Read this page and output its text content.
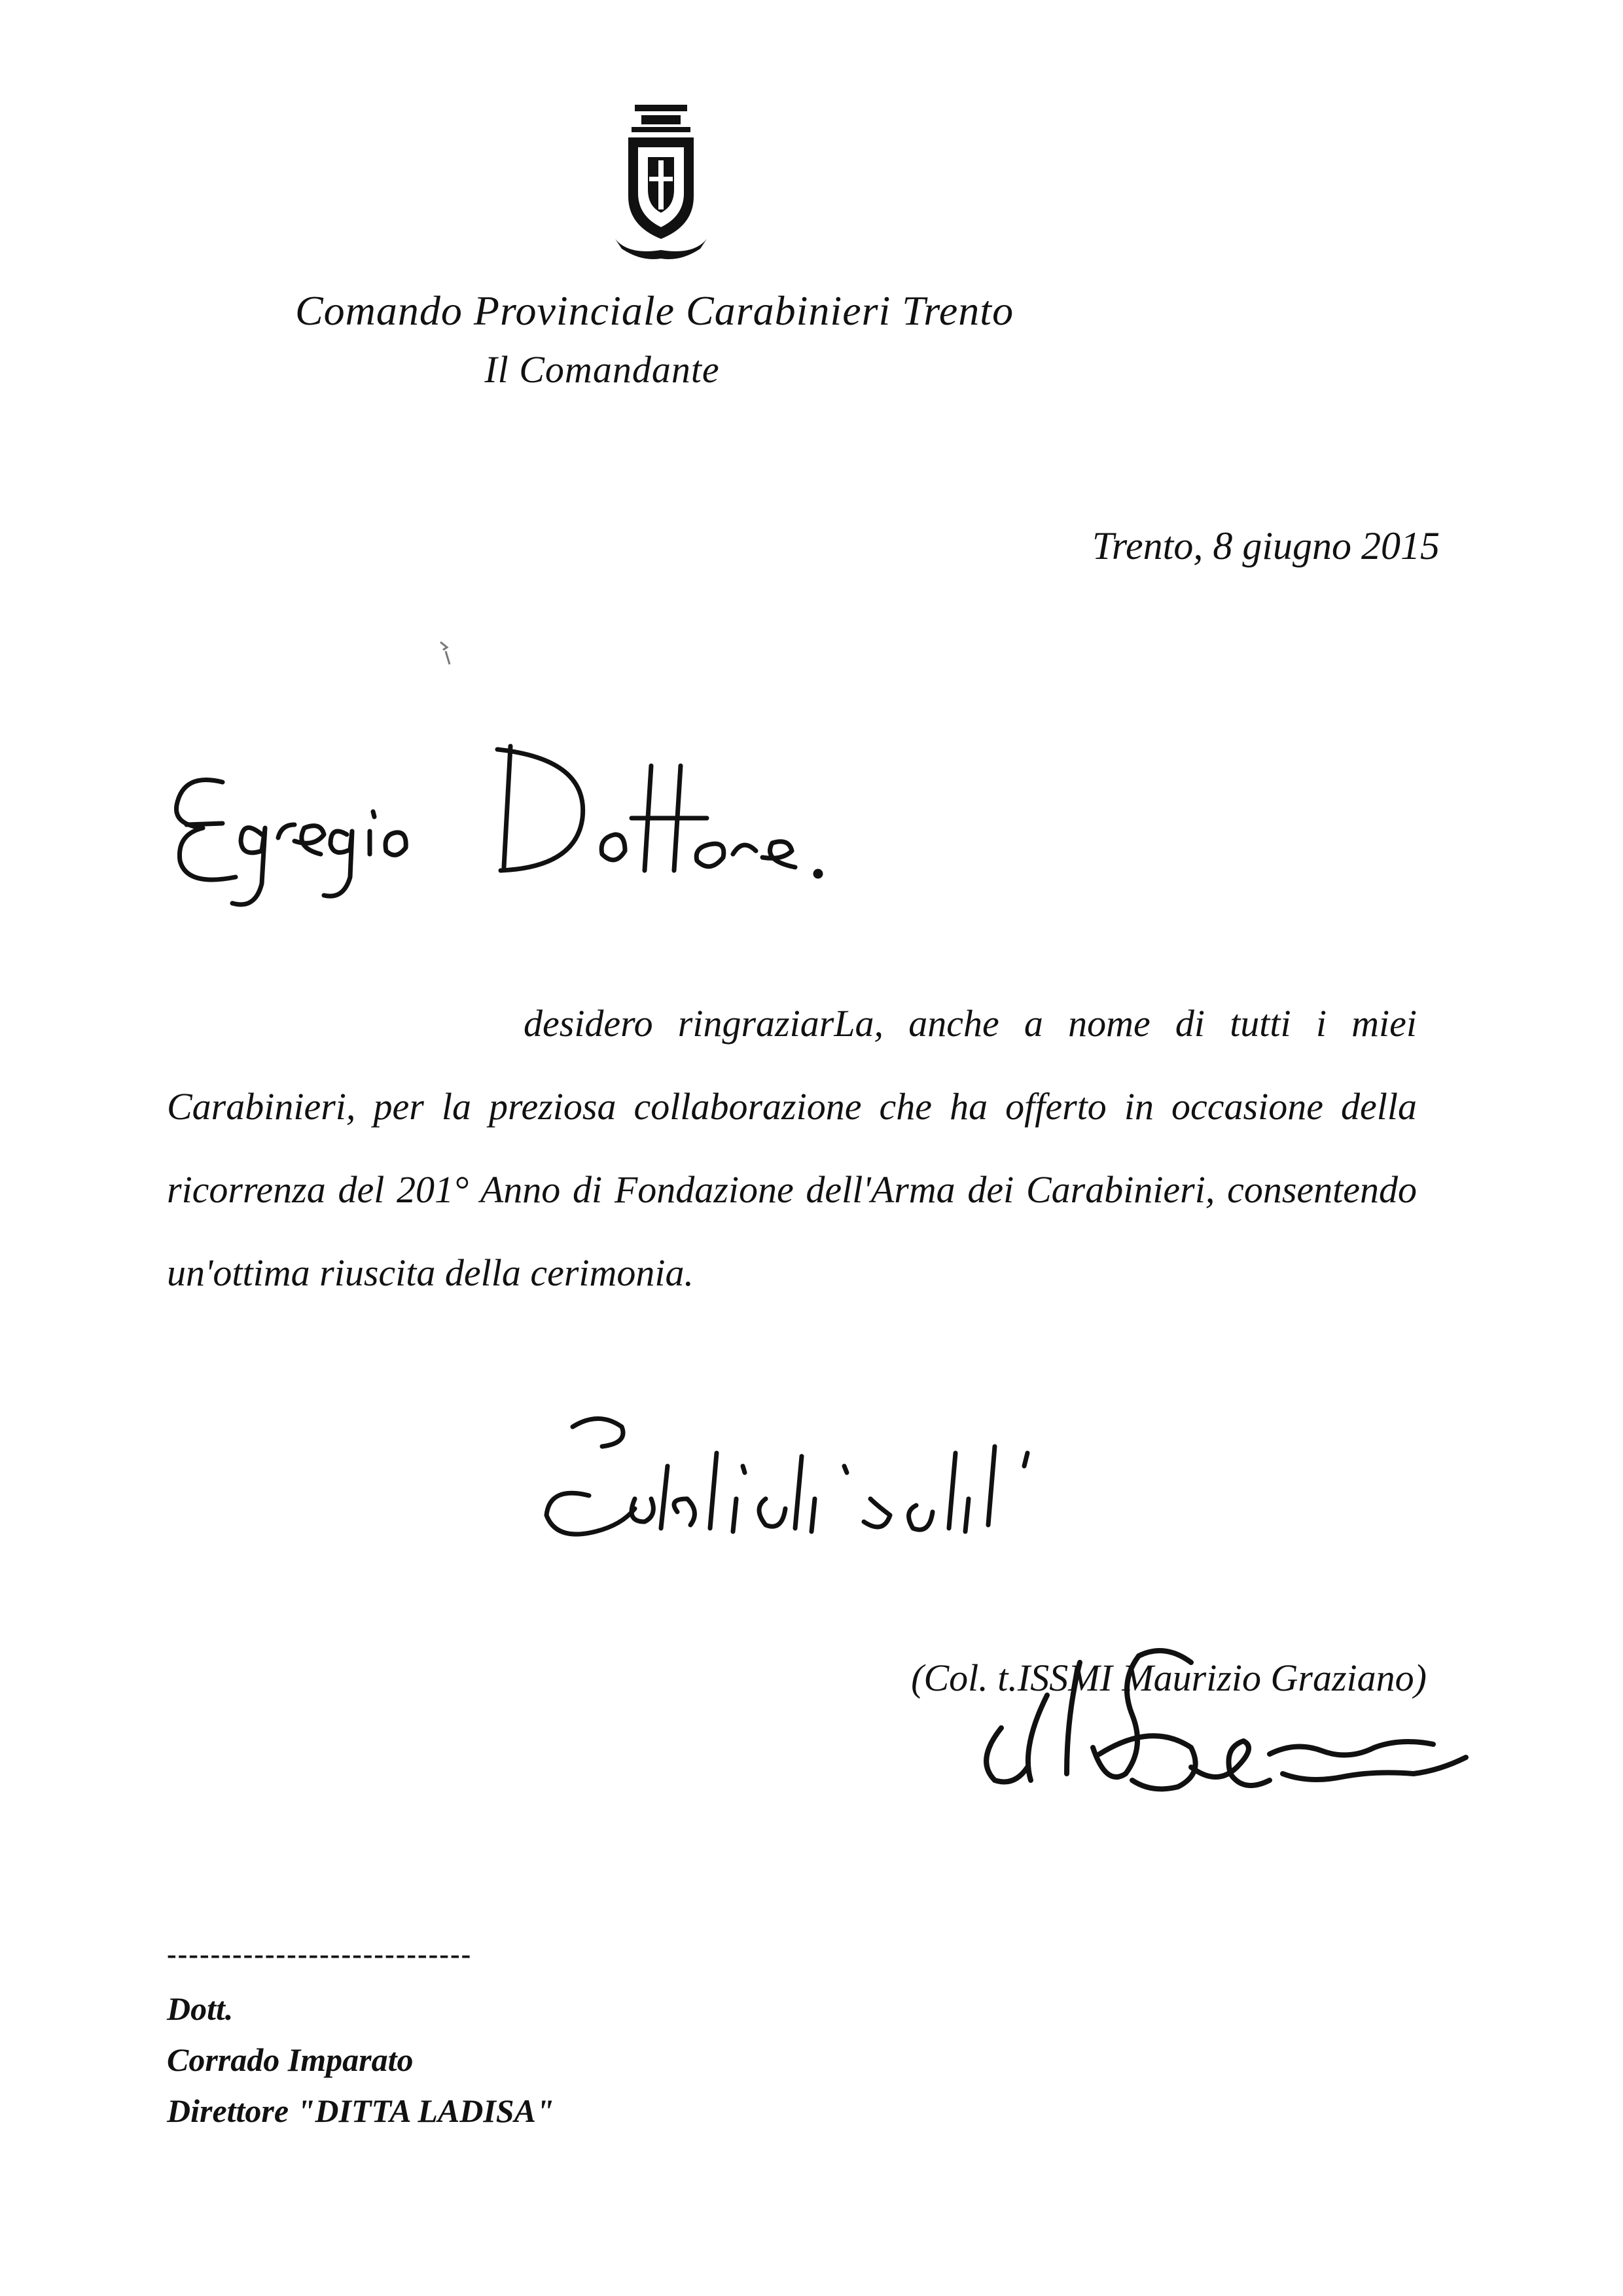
Comando Provinciale Carabinieri Trento
Il Comandante
Trento, 8 giugno 2015

desidero ringraziarLa, anche a nome di tutti i miei Carabinieri, per la preziosa collaborazione che ha offerto in occasione della ricorrenza del 201° Anno di Fondazione dell'Arma dei Carabinieri, consentendo un'ottima riuscita della cerimonia.

(Col. t.ISSMI Maurizio Graziano)
----------------------------
Dott.
Corrado Imparato
Direttore "DITTA LADISA"
